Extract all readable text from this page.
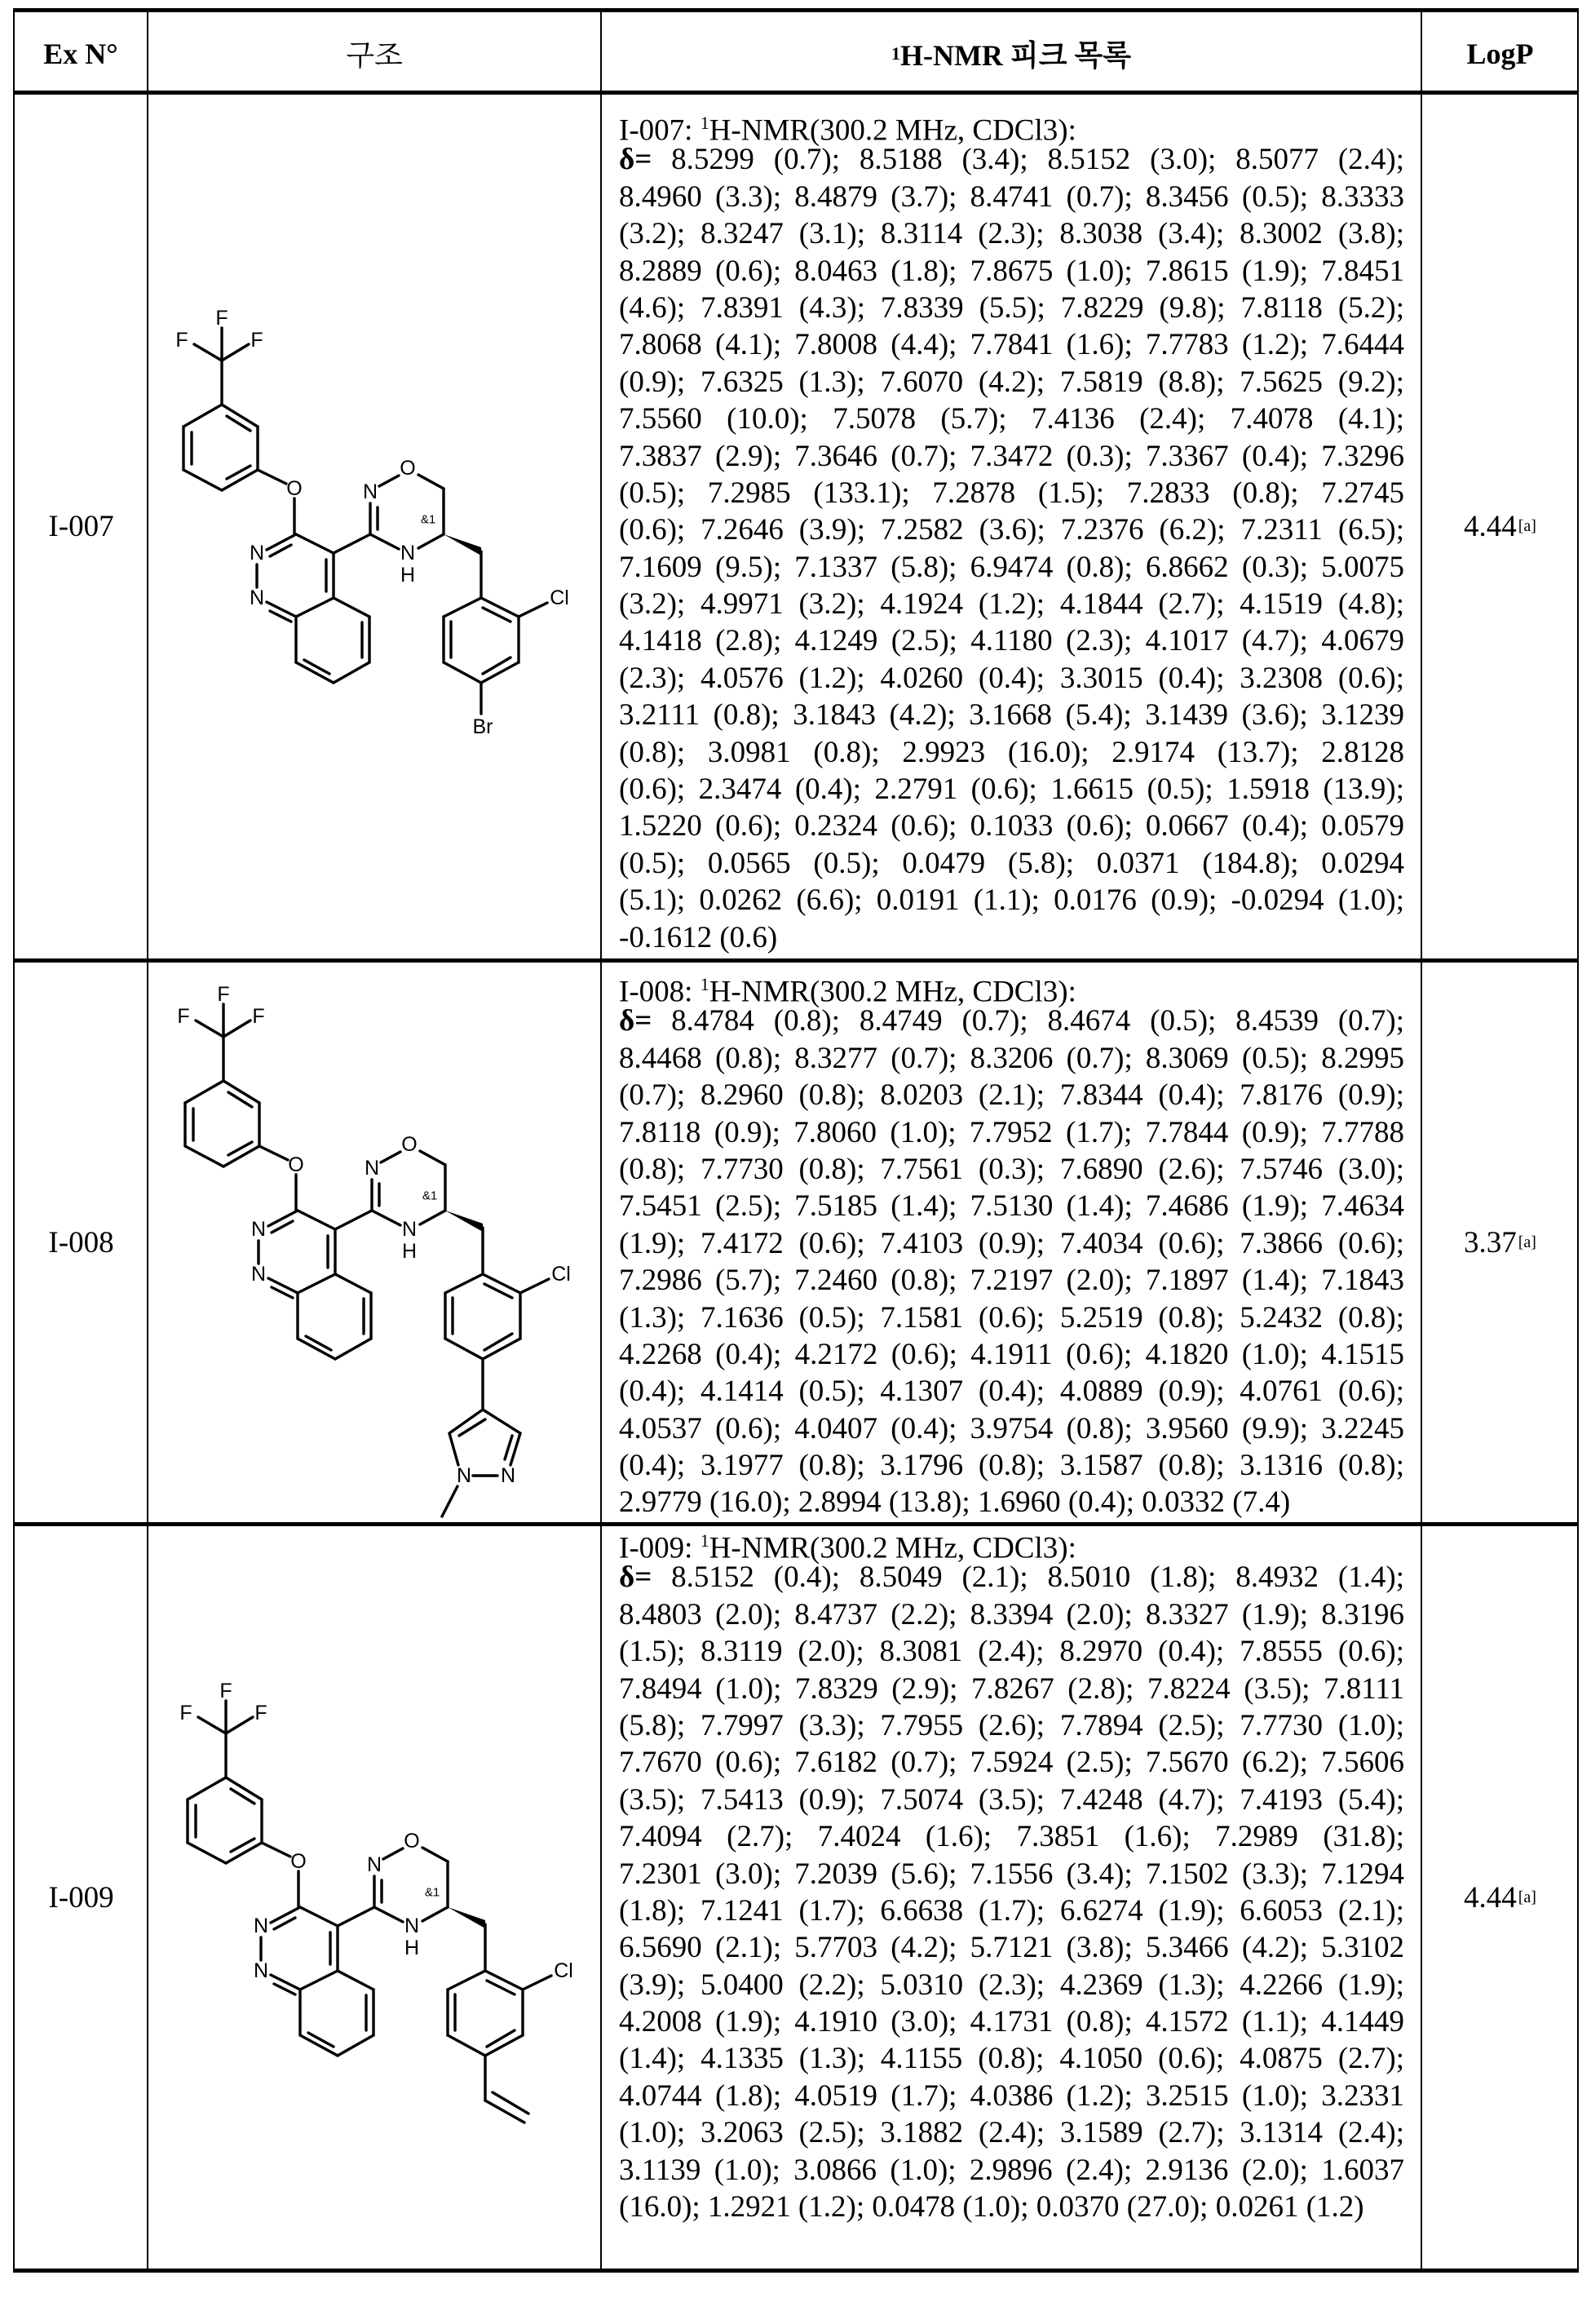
Ex N°	구조	1 H-NMR 피크 목록	LogP
I-007	4.44 [a]
I-007: 1H-NMR(300.2 MHz, CDCl3):
δ= 8.5299 (0.7); 8.5188 (3.4); 8.5152 (3.0); 8.5077 (2.4);
8.4960 (3.3); 8.4879 (3.7); 8.4741 (0.7); 8.3456 (0.5); 8.3333
(3.2); 8.3247 (3.1); 8.3114 (2.3); 8.3038 (3.4); 8.3002 (3.8);
8.2889 (0.6); 8.0463 (1.8); 7.8675 (1.0); 7.8615 (1.9); 7.8451
(4.6); 7.8391 (4.3); 7.8339 (5.5); 7.8229 (9.8); 7.8118 (5.2);
7.8068 (4.1); 7.8008 (4.4); 7.7841 (1.6); 7.7783 (1.2); 7.6444
(0.9); 7.6325 (1.3); 7.6070 (4.2); 7.5819 (8.8); 7.5625 (9.2);
7.5560 (10.0); 7.5078 (5.7); 7.4136 (2.4); 7.4078 (4.1);
7.3837 (2.9); 7.3646 (0.7); 7.3472 (0.3); 7.3367 (0.4); 7.3296
(0.5); 7.2985 (133.1); 7.2878 (1.5); 7.2833 (0.8); 7.2745
(0.6); 7.2646 (3.9); 7.2582 (3.6); 7.2376 (6.2); 7.2311 (6.5);
7.1609 (9.5); 7.1337 (5.8); 6.9474 (0.8); 6.8662 (0.3); 5.0075
(3.2); 4.9971 (3.2); 4.1924 (1.2); 4.1844 (2.7); 4.1519 (4.8);
4.1418 (2.8); 4.1249 (2.5); 4.1180 (2.3); 4.1017 (4.7); 4.0679
(2.3); 4.0576 (1.2); 4.0260 (0.4); 3.3015 (0.4); 3.2308 (0.6);
3.2111 (0.8); 3.1843 (4.2); 3.1668 (5.4); 3.1439 (3.6); 3.1239
(0.8); 3.0981 (0.8); 2.9923 (16.0); 2.9174 (13.7); 2.8128
(0.6); 2.3474 (0.4); 2.2791 (0.6); 1.6615 (0.5); 1.5918 (13.9);
1.5220 (0.6); 0.2324 (0.6); 0.1033 (0.6); 0.0667 (0.4); 0.0579
(0.5); 0.0565 (0.5); 0.0479 (5.8); 0.0371 (184.8); 0.0294
(5.1); 0.0262 (6.6); 0.0191 (1.1); 0.0176 (0.9); -0.0294 (1.0);
-0.1612 (0.6)
F
F	F
O
N
N
N
O
N
H
&1
Cl
Br
I-008	3.37 [a]
I-008: 1H-NMR(300.2 MHz, CDCl3):
δ= 8.4784 (0.8); 8.4749 (0.7); 8.4674 (0.5); 8.4539 (0.7);
8.4468 (0.8); 8.3277 (0.7); 8.3206 (0.7); 8.3069 (0.5); 8.2995
(0.7); 8.2960 (0.8); 8.0203 (2.1); 7.8344 (0.4); 7.8176 (0.9);
7.8118 (0.9); 7.8060 (1.0); 7.7952 (1.7); 7.7844 (0.9); 7.7788
(0.8); 7.7730 (0.8); 7.7561 (0.3); 7.6890 (2.6); 7.5746 (3.0);
7.5451 (2.5); 7.5185 (1.4); 7.5130 (1.4); 7.4686 (1.9); 7.4634
(1.9); 7.4172 (0.6); 7.4103 (0.9); 7.4034 (0.6); 7.3866 (0.6);
7.2986 (5.7); 7.2460 (0.8); 7.2197 (2.0); 7.1897 (1.4); 7.1843
(1.3); 7.1636 (0.5); 7.1581 (0.6); 5.2519 (0.8); 5.2432 (0.8);
4.2268 (0.4); 4.2172 (0.6); 4.1911 (0.6); 4.1820 (1.0); 4.1515
(0.4); 4.1414 (0.5); 4.1307 (0.4); 4.0889 (0.9); 4.0761 (0.6);
4.0537 (0.6); 4.0407 (0.4); 3.9754 (0.8); 3.9560 (9.9); 3.2245
(0.4); 3.1977 (0.8); 3.1796 (0.8); 3.1587 (0.8); 3.1316 (0.8);
2.9779 (16.0); 2.8994 (13.8); 1.6960 (0.4); 0.0332 (7.4)
F
F	F
O
N
N
N
O
N
H
&1
Cl
N N
I-009	4.44 [a]
I-009: 1H-NMR(300.2 MHz, CDCl3):
δ= 8.5152 (0.4); 8.5049 (2.1); 8.5010 (1.8); 8.4932 (1.4);
8.4803 (2.0); 8.4737 (2.2); 8.3394 (2.0); 8.3327 (1.9); 8.3196
(1.5); 8.3119 (2.0); 8.3081 (2.4); 8.2970 (0.4); 7.8555 (0.6);
7.8494 (1.0); 7.8329 (2.9); 7.8267 (2.8); 7.8224 (3.5); 7.8111
(5.8); 7.7997 (3.3); 7.7955 (2.6); 7.7894 (2.5); 7.7730 (1.0);
7.7670 (0.6); 7.6182 (0.7); 7.5924 (2.5); 7.5670 (6.2); 7.5606
(3.5); 7.5413 (0.9); 7.5074 (3.5); 7.4248 (4.7); 7.4193 (5.4);
7.4094 (2.7); 7.4024 (1.6); 7.3851 (1.6); 7.2989 (31.8);
7.2301 (3.0); 7.2039 (5.6); 7.1556 (3.4); 7.1502 (3.3); 7.1294
(1.8); 7.1241 (1.7); 6.6638 (1.7); 6.6274 (1.9); 6.6053 (2.1);
6.5690 (2.1); 5.7703 (4.2); 5.7121 (3.8); 5.3466 (4.2); 5.3102
(3.9); 5.0400 (2.2); 5.0310 (2.3); 4.2369 (1.3); 4.2266 (1.9);
4.2008 (1.9); 4.1910 (3.0); 4.1731 (0.8); 4.1572 (1.1); 4.1449
(1.4); 4.1335 (1.3); 4.1155 (0.8); 4.1050 (0.6); 4.0875 (2.7);
4.0744 (1.8); 4.0519 (1.7); 4.0386 (1.2); 3.2515 (1.0); 3.2331
(1.0); 3.2063 (2.5); 3.1882 (2.4); 3.1589 (2.7); 3.1314 (2.4);
3.1139 (1.0); 3.0866 (1.0); 2.9896 (2.4); 2.9136 (2.0); 1.6037
(16.0); 1.2921 (1.2); 0.0478 (1.0); 0.0370 (27.0); 0.0261 (1.2)
F
F	F
O
N
N
N
O
N
H
&1
Cl
